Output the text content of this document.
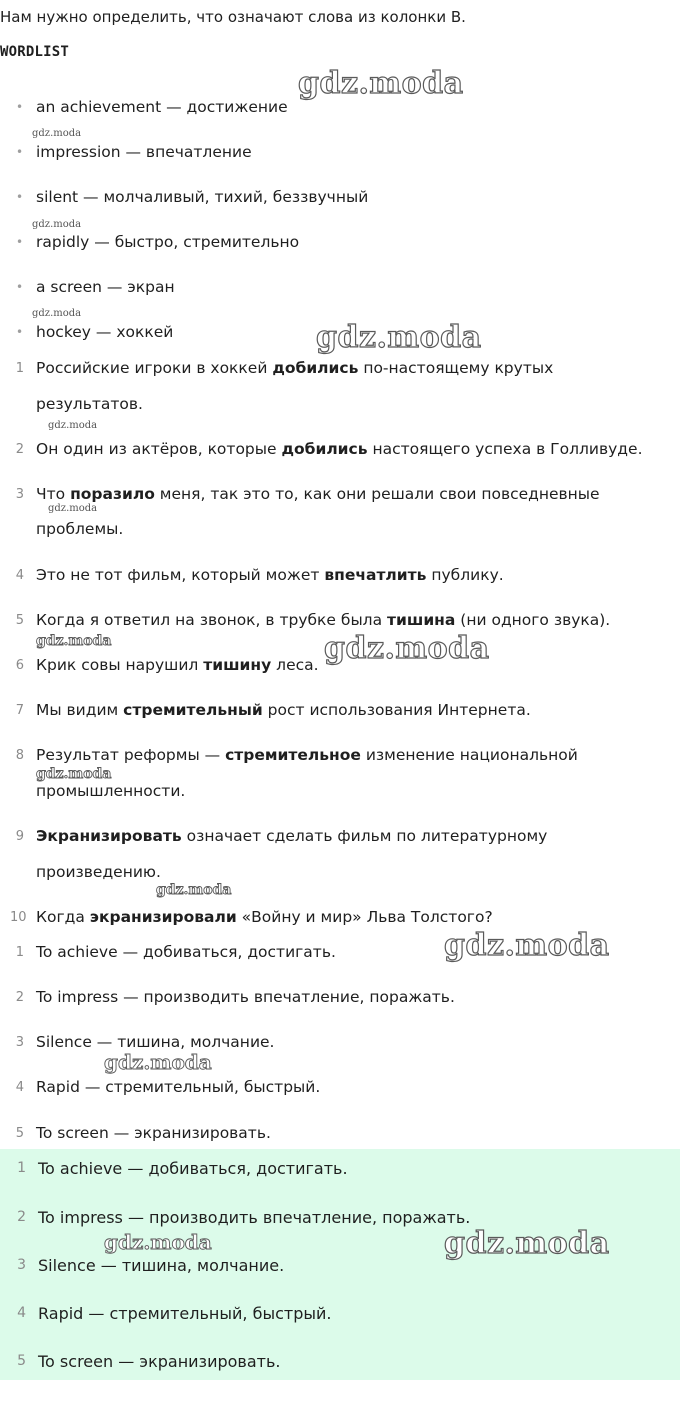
Нам нужно определить, что означают слова из колонки B.
WORDLIST
• an achievement — достижение
• impression — впечатление
• silent — молчаливый, тихий, беззвучный
• rapidly — быстро, стремительно
• a screen — экран
• hockey — хоккей
1 Российские игроки в хоккей добились по-настоящему крутых
результатов.
2 Он один из актёров, которые добились настоящего успеха в Голливуде.
3 Что поразило меня, так это то, как они решали свои повседневные
проблемы.
4 Это не тот фильм, который может впечатлить публику.
5 Когда я ответил на звонок, в трубке была тишина (ни одного звука).
6 Крик совы нарушил тишину леса.
7 Мы видим стремительный рост использования Интернета.
8 Результат реформы — стремительное изменение национальной
промышленности.
9 Экранизировать означает сделать фильм по литературному
произведению.
10 Когда экранизировали «Войну и мир» Льва Толстого?
1 To achieve — добиваться, достигать.
2 To impress — производить впечатление, поражать.
3 Silence — тишина, молчание.
4 Rapid — стремительный, быстрый.
5 To screen — экранизировать.
1 To achieve — добиваться, достигать.
2 To impress — производить впечатление, поражать.
3 Silence — тишина, молчание.
4 Rapid — стремительный, быстрый.
5 To screen — экранизировать.
gdz.moda
gdz.moda
gdz.moda
gdz.moda
gdz.moda
gdz.moda
gdz.moda
gdz.moda	gdz.moda
gdz.moda
gdz.moda
gdz.moda
gdz.moda
gdz.moda	gdz.moda
